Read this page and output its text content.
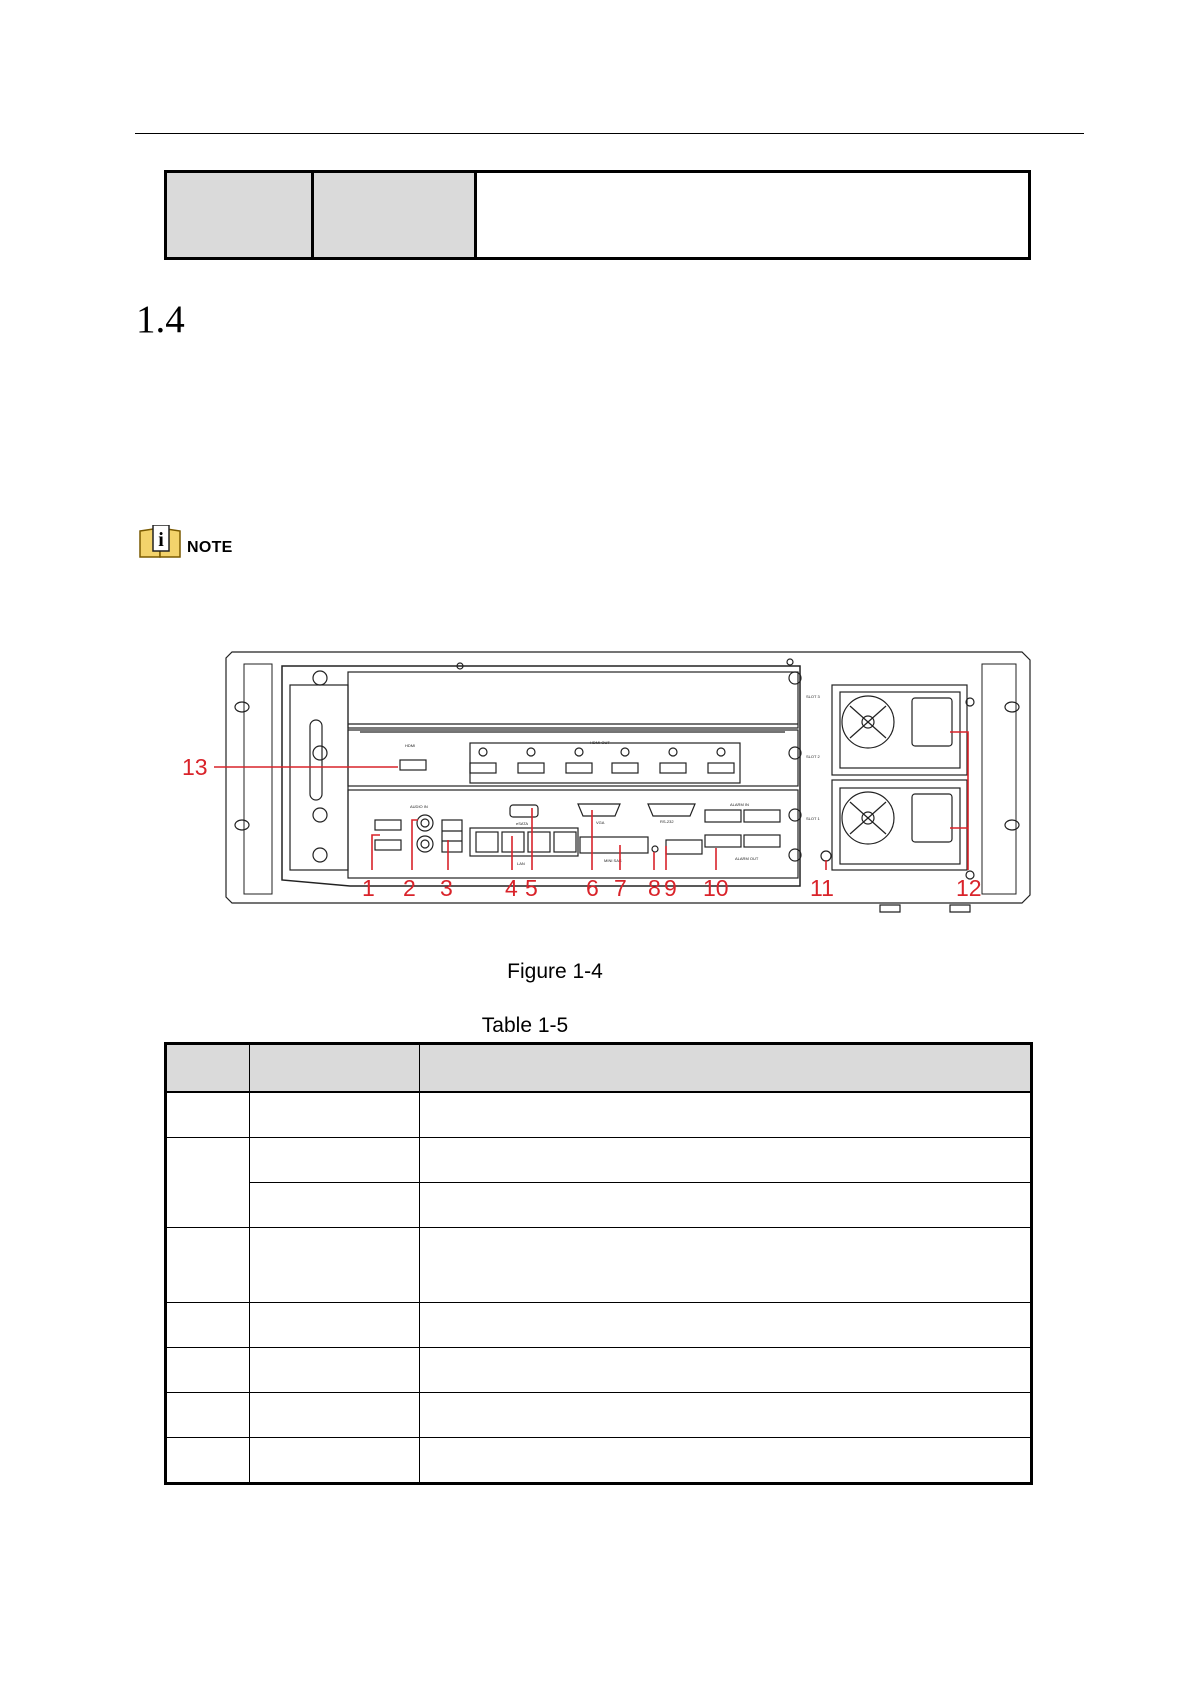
1.4
i NOTE
HDMI
HDMI OUT
AUDIO IN
eSATA
LAN
VGA	RS-232
MINI SAS
ALARM IN
ALARM OUT
SLOT 3
SLOT 2
SLOT 1
13
1 2 3 4 5 6 7 8 9 10	11	12
Figure 1-4
Table 1-5
